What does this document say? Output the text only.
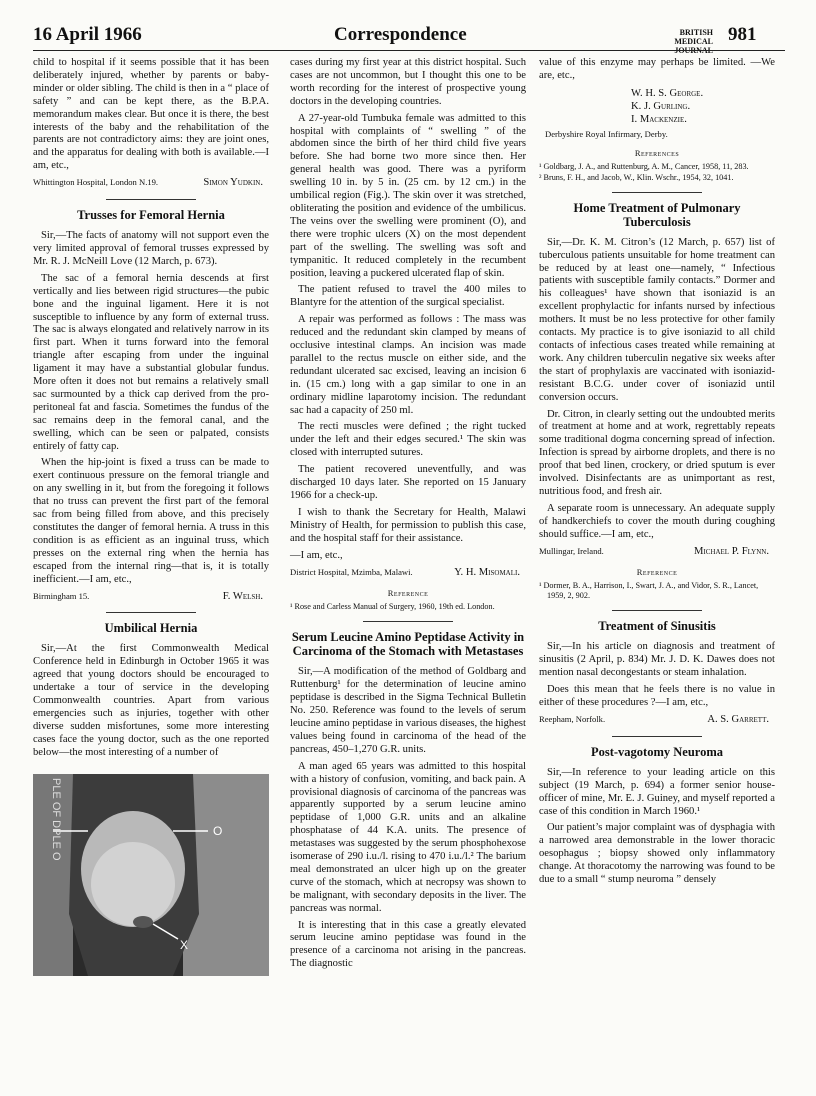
16 April 1966	Correspondence	BRITISH
MEDICAL JOURNAL
981

child to hospital if it seems possible that it has been deliberately injured, whether by parents or baby-minder or older sibling. The child is then in a “ place of safety ” and can be kept there, as the B.P.A. memorandum makes clear. But once it is there, the best interests of the baby and the rehabilitation of the parents are not contradictory aims: they are joint ones, and the apparatus for dealing with both is available.—I am, etc.,

Whittington Hospital, London N.19.	Simon Yudkin.
Trusses for Femoral Hernia

Sir,—The facts of anatomy will not support even the very limited approval of femoral trusses expressed by Mr. R. J. McNeill Love (12 March, p. 673).

The sac of a femoral hernia descends at first vertically and lies between rigid structures—the pubic bone and the inguinal ligament. Here it is not susceptible to influence by any form of external truss. The sac is always elongated and relatively narrow in its first part. When it turns forward into the femoral triangle after escaping from under the inguinal ligament it may have a substantial globular fundus. More often it does not but remains a relatively small sac surmounted by a thick cap derived from the pro-peritoneal fat and fascia. Sometimes the fundus of the sac remains deep in the femoral canal, and the swelling, which can be seen or palpated, consists entirely of fatty cap.

When the hip-joint is fixed a truss can be made to exert continuous pressure on the femoral triangle and on any swelling in it, but from the foregoing it follows that no truss can prevent the first part of the femoral sac from being filled from above, and this precisely constitutes the danger of femoral hernia. A truss in this condition is as efficient as an inguinal truss, which presses on the external ring when the hernia has escaped from the internal ring—that is, it is totally inefficient.—I am, etc.,

Birmingham 15.	F. Welsh.
Umbilical Hernia

Sir,—At the first Commonwealth Medical Conference held in Edinburgh in October 1965 it was agreed that young doctors should be encouraged to undertake a tour of service in the developing Commonwealth countries. Apart from various emergencies such as injuries, together with other diverse sudden misfortunes, some more interesting cases face the young doctor, such as the one reported below—the most interesting of a number of

O
X
PLE OF DPLE O

cases during my first year at this district hospital. Such cases are not uncommon, but I thought this one to be worth recording for the interest of prospective young doctors in the developing countries.

A 27-year-old Tumbuka female was admitted to this hospital with complaints of “ swelling ” of the abdomen since the birth of her third child five years before. She had borne two more since then. Her general health was good. There was a pyriform swelling 10 in. by 5 in. (25 cm. by 12 cm.) in the umbilical region (Fig.). The skin over it was stretched, obliterating the position and evidence of the umbilicus. The veins over the swelling were prominent (O), and there were trophic ulcers (X) on the most dependent part of the swelling. The swelling was soft and tympanitic. It reduced completely in the recumbent position, leaving a puckered ulcerated flap of skin.

The patient refused to travel the 400 miles to Blantyre for the attention of the surgical specialist.

A repair was performed as follows : The mass was reduced and the redundant skin clamped by means of occlusive intestinal clamps. An incision was made parallel to the rectus muscle on either side, and the redundant ulcerated sac excised, leaving an incision 6 in. (15 cm.) long with a gap similar to one in an ordinary midline laparotomy incision. The redundant sac had a capacity of 250 ml.

The recti muscles were defined ; the right tucked under the left and their edges secured.¹ The skin was closed with interrupted sutures.

The patient recovered uneventfully, and was discharged 10 days later. She reported on 15 January 1966 for a check-up.

I wish to thank the Secretary for Health, Malawi Ministry of Health, for permission to publish this case, and the hospital staff for their assistance.

—I am, etc.,

District Hospital, Mzimba, Malawi.	Y. H. Misomali.
Reference
¹ Rose and Carless Manual of Surgery, 1960, 19th ed. London.
Serum Leucine Amino Peptidase Activity in Carcinoma of the Stomach with Metastases

Sir,—A modification of the method of Goldbarg and Ruttenburg¹ for the determination of leucine amino peptidase is described in the Sigma Technical Bulletin No. 250. Reference was found to the levels of serum leucine amino peptidase in various diseases, the highest values being found in carcinoma of the head of the pancreas, 450–1,270 G.R. units.

A man aged 65 years was admitted to this hospital with a history of confusion, vomiting, and back pain. A provisional diagnosis of carcinoma of the pancreas was apparently supported by a serum leucine amino peptidase of 1,000 G.R. units and an alkaline phosphatase of 44 K.A. units. The presence of metastases was suggested by the serum phosphohexose isomerase of 290 i.u./l. rising to 470 i.u./l.² The barium meal demonstrated an ulcer high up on the greater curve of the stomach, which at necropsy was shown to be malignant, with secondary deposits in the liver. The pancreas was normal.

It is interesting that in this case a greatly elevated serum leucine amino peptidase was found in the presence of a carcinoma not arising in the pancreas. The diagnostic

value of this enzyme may perhaps be limited. —We are, etc.,

W. H. S. George.
K. J. Gurling.
I. Mackenzie.
Derbyshire Royal Infirmary, Derby.
References
¹ Goldbarg, J. A., and Ruttenburg, A. M., Cancer, 1958, 11, 283.
² Bruns, F. H., and Jacob, W., Klin. Wschr., 1954, 32, 1041.
Home Treatment of Pulmonary Tuberculosis

Sir,—Dr. K. M. Citron’s (12 March, p. 657) list of tuberculous patients unsuitable for home treatment can be reduced by at least one—namely, “ Infectious patients with susceptible family contacts.” Dormer and his colleagues¹ have shown that isoniazid is an excellent prophylactic for infants nursed by infectious mothers. It must be no less protective for other family contacts. My practice is to give isoniazid to all child contacts of infectious cases treated while remaining at work. Any children tuberculin negative six weeks after the start of prophylaxis are vaccinated with isoniazid-resistant B.C.G. under cover of isoniazid until conversion occurs.

Dr. Citron, in clearly setting out the undoubted merits of treatment at home and at work, regrettably repeats some traditional dogma concerning spread of infection. Infection is spread by airborne droplets, and there is no proof that bed linen, crockery, or dried sputum is ever involved. Disinfectants are as unimportant as rest, nutritious food, and fresh air.

A separate room is unnecessary. An adequate supply of handkerchiefs to cover the mouth during coughing should suffice.—I am, etc.,

Mullingar, Ireland.	Michael P. Flynn.
Reference
¹ Dormer, B. A., Harrison, I., Swart, J. A., and Vidor, S. R., Lancet, 1959, 2, 902.
Treatment of Sinusitis

Sir,—In his article on diagnosis and treatment of sinusitis (2 April, p. 834) Mr. J. D. K. Dawes does not mention nasal decongestants or steam inhalation.

Does this mean that he feels there is no value in either of these procedures ?—I am, etc.,

Reepham, Norfolk.	A. S. Garrett.
Post-vagotomy Neuroma

Sir,—In reference to your leading article on this subject (19 March, p. 694) a former senior house-officer of mine, Mr. E. J. Guiney, and myself reported a case of this condition in March 1960.¹

Our patient’s major complaint was of dysphagia with a narrowed area demonstrable in the lower thoracic oesophagus ; biopsy showed only inflammatory change. At thoracotomy the narrowing was found to be due to a small “ stump neuroma ” densely
